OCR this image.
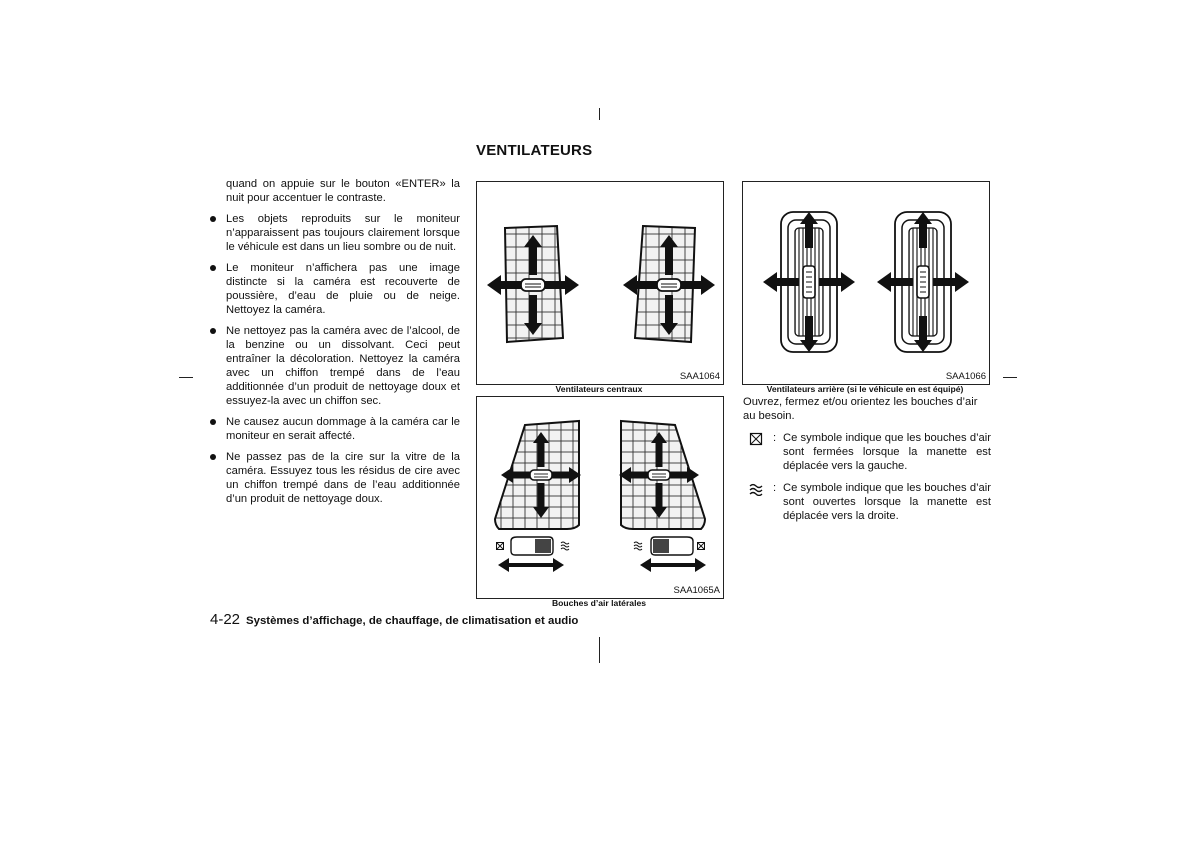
VENTILATEURS

quand on appuie sur le bouton «ENTER» la nuit pour accentuer le contraste.

Les objets reproduits sur le moniteur n’apparaissent pas toujours clairement lorsque le véhicule est dans un lieu sombre ou de nuit.
Le moniteur n’affichera pas une image distincte si la caméra est recouverte de poussière, d’eau de pluie ou de neige. Nettoyez la caméra.
Ne nettoyez pas la caméra avec de l’alcool, de la benzine ou un dissolvant. Ceci peut entraîner la décoloration. Nettoyez la caméra avec un chiffon trempé dans de l’eau additionnée d’un produit de nettoyage doux et essuyez-la avec un chiffon sec.
Ne causez aucun dommage à la caméra car le moniteur en serait affecté.
Ne passez pas de la cire sur la vitre de la caméra. Essuyez tous les résidus de cire avec un chiffon trempé dans de l’eau additionnée d’un produit de nettoyage doux.
SAA1064
Ventilateurs centraux
SAA1065A
Bouches d’air latérales
SAA1066
Ventilateurs arrière (si le véhicule en est équipé)

Ouvrez, fermez et/ou orientez les bouches d’air au besoin.

: Ce symbole indique que les bouches d’air sont fermées lorsque la manette est déplacée vers la gauche.
: Ce symbole indique que les bouches d’air sont ouvertes lorsque la manette est déplacée vers la droite.
4-22 Systèmes d’affichage, de chauffage, de climatisation et audio
